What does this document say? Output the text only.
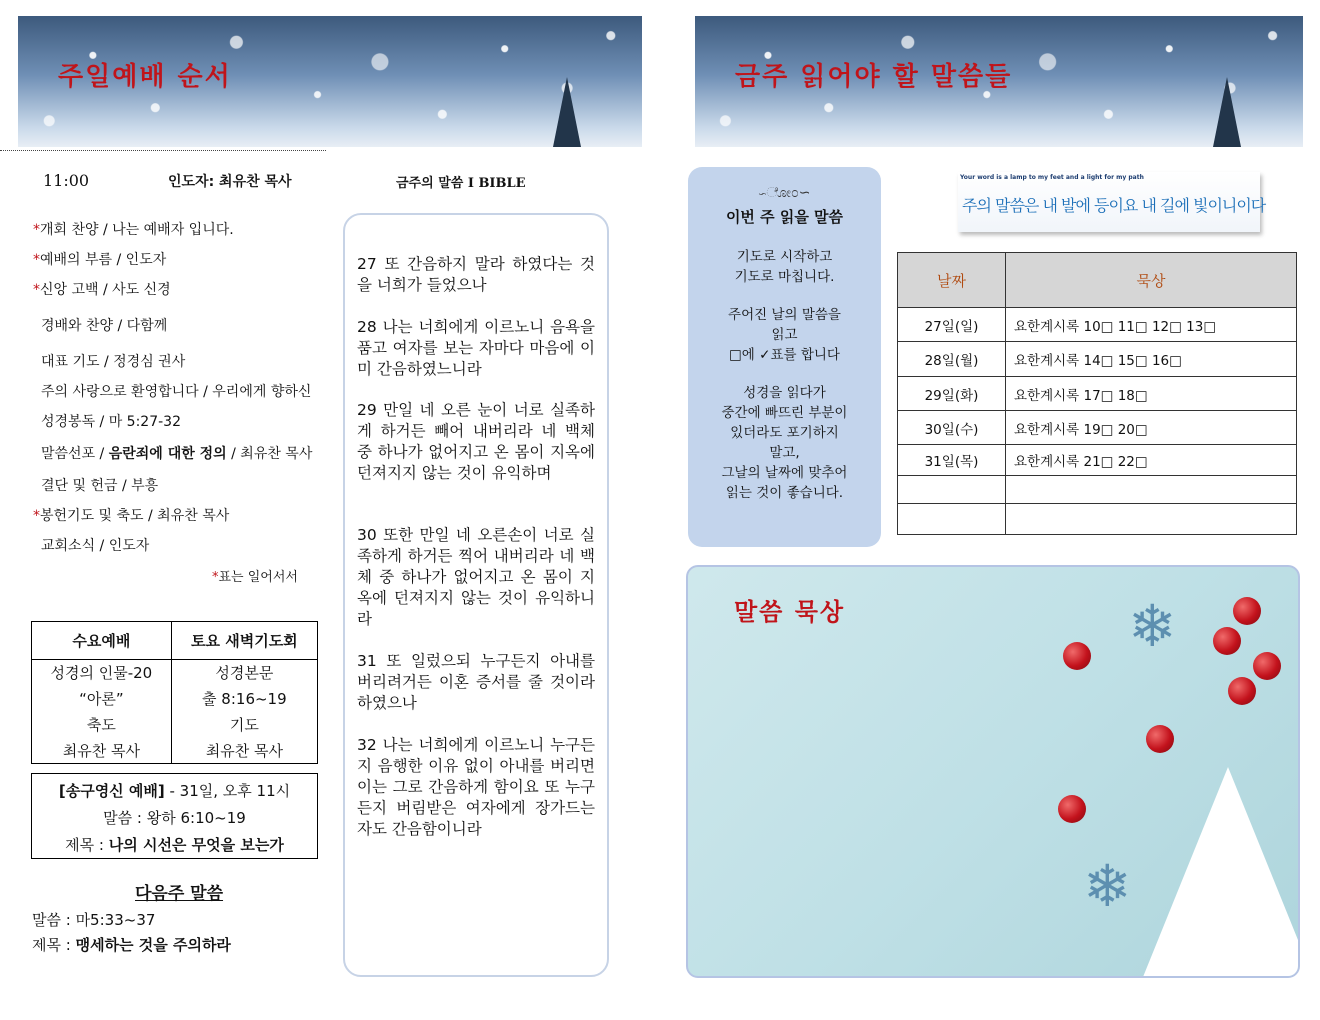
주일예배 순서	금주 읽어야 할 말씀들
11:00	인도자: 최유찬 목사
*개회 찬양 / 나는 예배자 입니다.
*예배의 부름 / 인도자
*신앙 고백 / 사도 신경
경배와 찬양 / 다함께
대표 기도 / 정경심 권사
주의 사랑으로 환영합니다 / 우리에게 향하신
성경봉독 / 마 5:27-32
말씀선포 / 음란죄에 대한 정의 / 최유찬 목사
결단 및 헌금 / 부흥
*봉헌기도 및 축도 / 최유찬 목사
교회소식 / 인도자
*표는 일어서서
수요예배	토요 새벽기도회
성경의 인물-20	성경본문
“아론”	출 8:16~19
축도	기도
최유찬 목사	최유찬 목사
[송구영신 예배] - 31일, 오후 11시
말씀 : 왕하 6:10~19
제목 : 나의 시선은 무엇을 보는가
다음주 말씀
말씀 : 마5:33~37
제목 : 맹세하는 것을 주의하라
금주의 말씀 Ⅰ BIBLE
27 또 간음하지 말라 하였다는 것을 너희가 들었으나
28 나는 너희에게 이르노니 음욕을 품고 여자를 보는 자마다 마음에 이미 간음하였느니라
29 만일 네 오른 눈이 너로 실족하게 하거든 빼어 내버리라 네 백체 중 하나가 없어지고 온 몸이 지옥에 던져지지 않는 것이 유익하며
30 또한 만일 네 오른손이 너로 실족하게 하거든 찍어 내버리라 네 백체 중 하나가 없어지고 온 몸이 지옥에 던져지지 않는 것이 유익하니라
31 또 일렀으되 누구든지 아내를 버리려거든 이혼 증서를 줄 것이라 하였으나
32 나는 너희에게 이르노니 누구든지 음행한 이유 없이 아내를 버리면 이는 그로 간음하게 함이요 또 누구든지 버림받은 여자에게 장가드는 자도 간음함이니라
∽ೋ೦∽
이번 주 읽을 말씀
기도로 시작하고
기도로 마칩니다.
주어진 날의 말씀을
읽고
□에 ✓표를 합니다
성경을 읽다가
중간에 빠뜨린 부분이
있더라도 포기하지
말고,
그날의 날짜에 맞추어
읽는 것이 좋습니다.
Your word is a lamp to my feet and a light for my path
주의 말씀은 내 발에 등이요 내 길에 빛이니이다
날짜	묵상
27일(일)	요한계시록 10□ 11□ 12□ 13□
28일(월)	요한계시록 14□ 15□ 16□
29일(화)	요한계시록 17□ 18□
30일(수)	요한계시록 19□ 20□
31일(목)	요한계시록 21□ 22□

말씀 묵상	❄
❄
